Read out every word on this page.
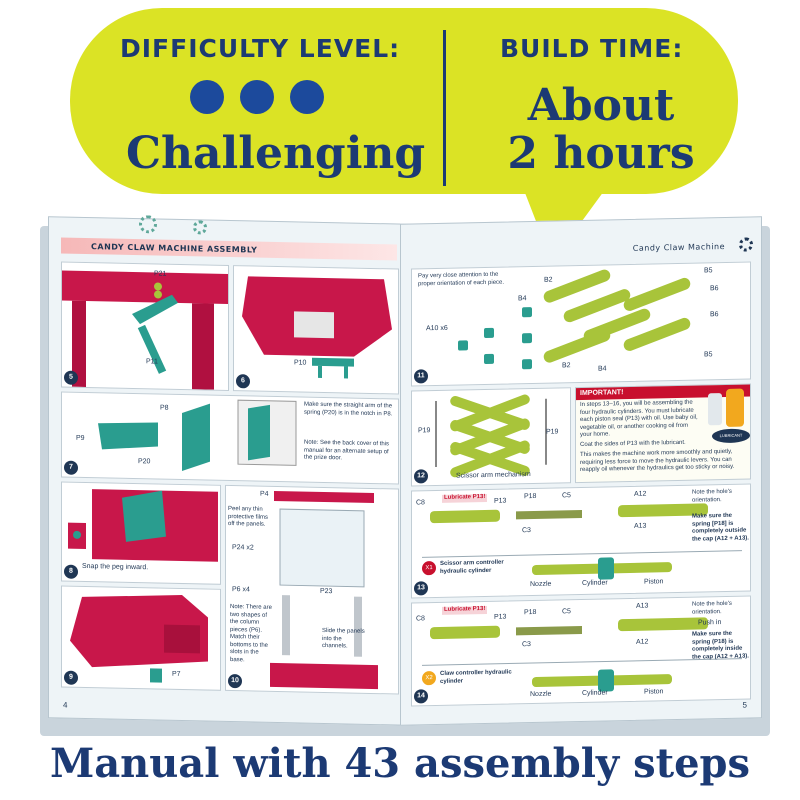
DIFFICULTY LEVEL:
Challenging
BUILD TIME:
About
2 hours
CANDY CLAW MACHINE ASSEMBLY
P21
P11
5
P10
6
P8
P9
P20
Make sure the straight arm of the spring (P20) is in the notch in P8.
Note: See the back cover of this manual for an alternate setup of the prize door.
7
Snap the peg inward.
8
P4
Peel any thin protective films off the panels.
P24 x2
P6 x4	P23
Note: There are two shapes of the column pieces (P6). Match their bottoms to the slots in the base.
Slide the panels into the channels.
10
P7
9
4
Candy Claw Machine
Pay very close attention to the proper orientation of each piece.
B5
B2
B4
B6
B6
A10 x6
B2	B4
B5
11
P19	P19
Scissor arm mechanism
12
IMPORTANT!
In steps 13–16, you will be assembling the four hydraulic cylinders. You must lubricate each piston seal (P13) with oil. Use baby oil, vegetable oil, or another cooking oil from your home.
Coat the sides of P13 with the lubricant.
This makes the machine work more smoothly and quietly, requiring less force to move the hydraulic levers. You can reapply oil whenever the hydraulics get too sticky or noisy.
LUBRICANT
C8
Lubricate P13!
P13
P18	C5
C3
A12
A13
Note the hole's orientation.
Make sure the spring [P18] is completely outside the cap (A12 + A13).
X1
Scissor arm controller hydraulic cylinder
Nozzle	Cylinder	Piston
13
C8
Lubricate P13!
P13
P18	C5
C3
A13
A12
Note the hole's orientation.
Push in
Make sure the spring (P18) is completely inside the cap (A12 + A13).
X2
Claw controller hydraulic cylinder
Nozzle	Cylinder	Piston
14
5
Manual with 43 assembly steps
